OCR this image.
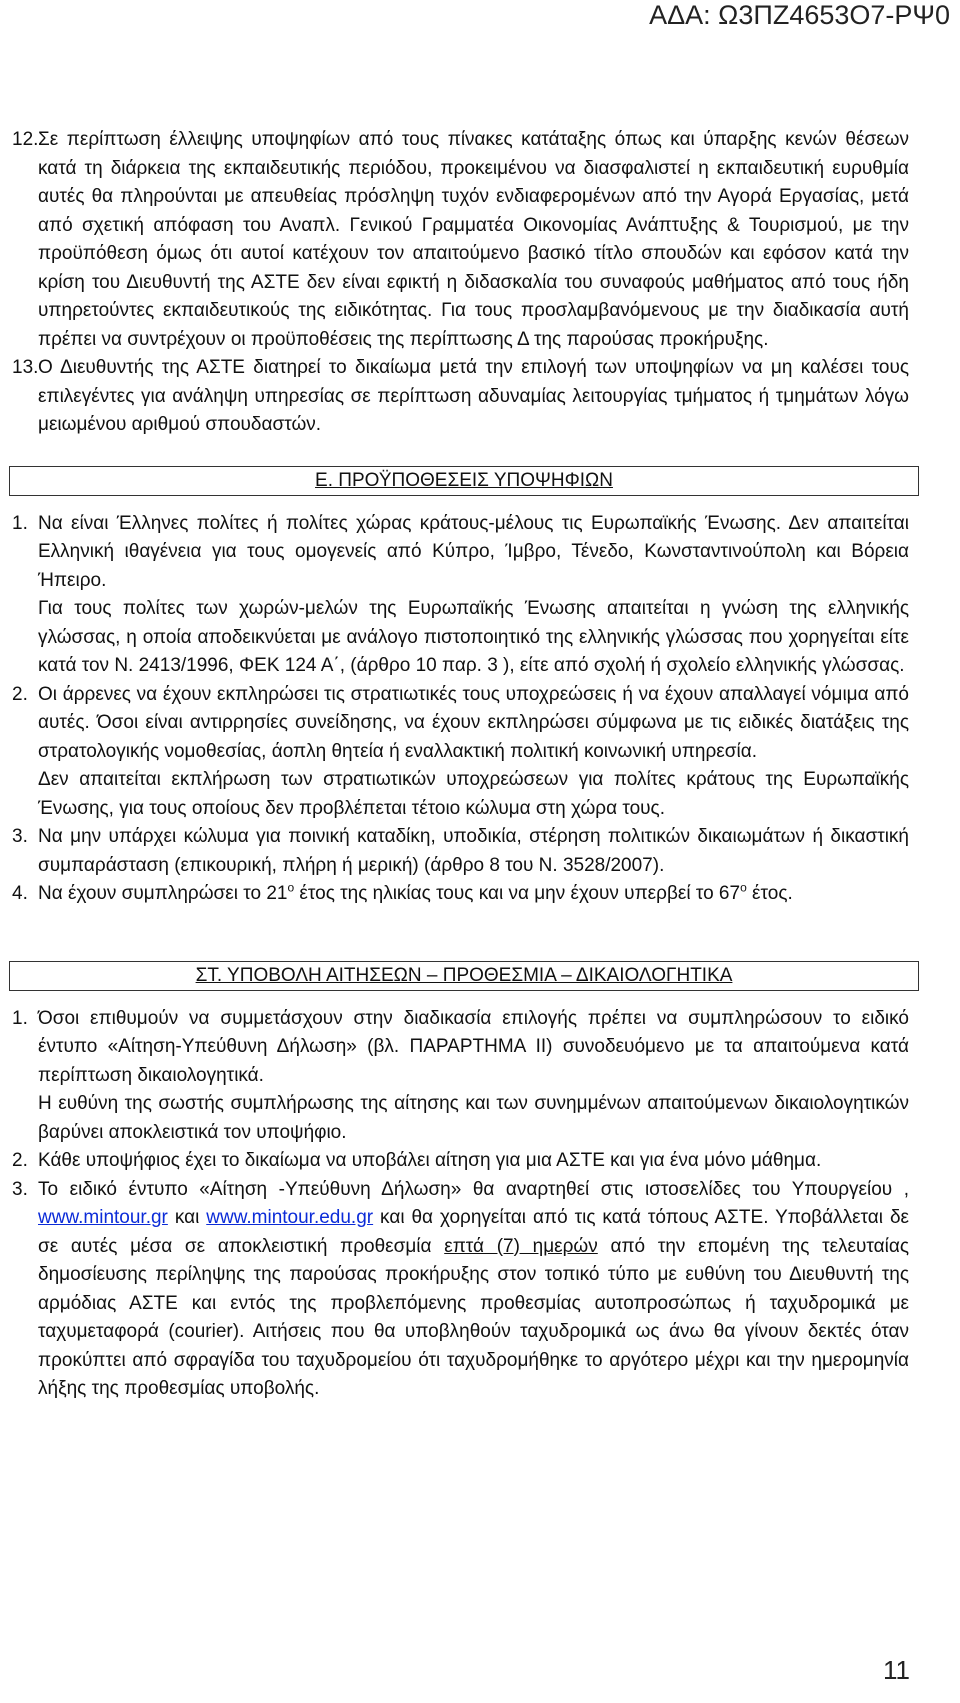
ΑΔΑ: Ω3ΠΖ4653Ο7-ΡΨ0
12. Σε περίπτωση έλλειψης υποψηφίων από τους πίνακες κατάταξης όπως και ύπαρξης κενών θέσεων κατά τη διάρκεια της εκπαιδευτικής περιόδου, προκειμένου να διασφαλιστεί η εκπαιδευτική ευρυθμία αυτές θα πληρούνται με απευθείας πρόσληψη τυχόν ενδιαφερομένων από την Αγορά Εργασίας, μετά από σχετική απόφαση του Αναπλ. Γενικού Γραμματέα Οικονομίας Ανάπτυξης & Τουρισμού, με την προϋπόθεση όμως ότι αυτοί κατέχουν τον απαιτούμενο βασικό τίτλο σπουδών και εφόσον κατά την κρίση του Διευθυντή της ΑΣΤΕ δεν είναι εφικτή η διδασκαλία του συναφούς μαθήματος από τους ήδη υπηρετούντες εκπαιδευτικούς της ειδικότητας. Για τους προσλαμβανόμενους με την διαδικασία αυτή πρέπει να συντρέχουν οι προϋποθέσεις της περίπτωσης Δ της παρούσας προκήρυξης.
13. Ο Διευθυντής της ΑΣΤΕ διατηρεί το δικαίωμα μετά την επιλογή των υποψηφίων να μη καλέσει τους επιλεγέντες για ανάληψη υπηρεσίας σε περίπτωση αδυναμίας λειτουργίας τμήματος ή τμημάτων λόγω μειωμένου αριθμού σπουδαστών.
Ε. ΠΡΟΫΠΟΘΕΣΕΙΣ ΥΠΟΨΗΦΙΩΝ
1. Να είναι Έλληνες πολίτες ή πολίτες χώρας κράτους-μέλους τις Ευρωπαϊκής Ένωσης. Δεν απαιτείται Ελληνική ιθαγένεια για τους ομογενείς από Κύπρο, Ίμβρο, Τένεδο, Κωνσταντινούπολη και Βόρεια Ήπειρο.
Για τους πολίτες των χωρών-μελών της Ευρωπαϊκής Ένωσης απαιτείται η γνώση της ελληνικής γλώσσας, η οποία αποδεικνύεται με ανάλογο πιστοποιητικό της ελληνικής γλώσσας που χορηγείται είτε κατά τον Ν. 2413/1996, ΦΕΚ 124 Α΄, (άρθρο 10 παρ. 3 ), είτε από σχολή ή σχολείο ελληνικής γλώσσας.
2. Οι άρρενες να έχουν εκπληρώσει τις στρατιωτικές τους υποχρεώσεις ή να έχουν απαλλαγεί νόμιμα από αυτές. Όσοι είναι αντιρρησίες συνείδησης, να έχουν εκπληρώσει σύμφωνα με τις ειδικές διατάξεις της στρατολογικής νομοθεσίας, άοπλη θητεία ή εναλλακτική πολιτική κοινωνική υπηρεσία.
Δεν απαιτείται εκπλήρωση των στρατιωτικών υποχρεώσεων για πολίτες κράτους της Ευρωπαϊκής Ένωσης, για τους οποίους δεν προβλέπεται τέτοιο κώλυμα στη χώρα τους.
3. Να μην υπάρχει κώλυμα για ποινική καταδίκη, υποδικία, στέρηση πολιτικών δικαιωμάτων ή δικαστική συμπαράσταση (επικουρική, πλήρη ή μερική) (άρθρο 8 του Ν. 3528/2007).
4. Να έχουν συμπληρώσει το $21^o$ έτος της ηλικίας τους και να μην έχουν υπερβεί το $67^o$ έτος.
ΣΤ. ΥΠΟΒΟΛΗ ΑΙΤΗΣΕΩΝ – ΠΡΟΘΕΣΜΙΑ – ΔΙΚΑΙΟΛΟΓΗΤΙΚΑ
1. Όσοι επιθυμούν να συμμετάσχουν στην διαδικασία επιλογής πρέπει να συμπληρώσουν το ειδικό έντυπο «Αίτηση-Υπεύθυνη Δήλωση» (βλ. ΠΑΡΑΡΤΗΜΑ ΙΙ) συνοδευόμενο με τα απαιτούμενα κατά περίπτωση δικαιολογητικά.
Η ευθύνη της σωστής συμπλήρωσης της αίτησης και των συνημμένων απαιτούμενων δικαιολογητικών βαρύνει αποκλειστικά τον υποψήφιο.
2. Κάθε υποψήφιος έχει το δικαίωμα να υποβάλει αίτηση για μια ΑΣΤΕ και για ένα μόνο μάθημα.
3. Το ειδικό έντυπο «Αίτηση -Υπεύθυνη Δήλωση» θα αναρτηθεί στις ιστοσελίδες του Υπουργείου , www.mintour.gr και www.mintour.edu.gr και θα χορηγείται από τις κατά τόπους ΑΣΤΕ. Υποβάλλεται δε σε αυτές μέσα σε αποκλειστική προθεσμία επτά (7) ημερών από την επομένη της τελευταίας δημοσίευσης περίληψης της παρούσας προκήρυξης στον τοπικό τύπο με ευθύνη του Διευθυντή της αρμόδιας ΑΣΤΕ και εντός της προβλεπόμενης προθεσμίας αυτοπροσώπως ή ταχυδρομικά με ταχυμεταφορά (courier). Αιτήσεις που θα υποβληθούν ταχυδρομικά ως άνω θα γίνουν δεκτές όταν προκύπτει από σφραγίδα του ταχυδρομείου ότι ταχυδρομήθηκε το αργότερο μέχρι και την ημερομηνία λήξης της προθεσμίας υποβολής.
11
